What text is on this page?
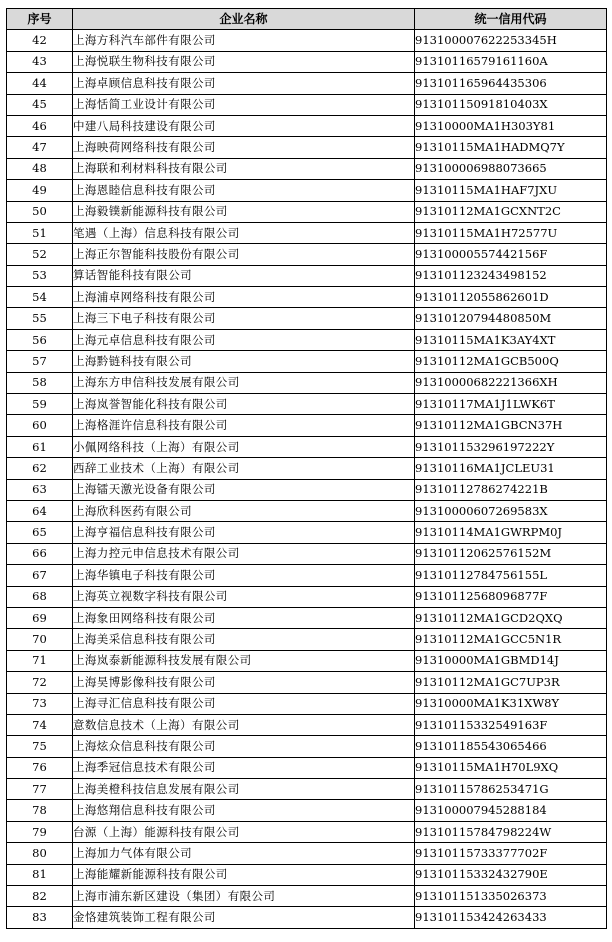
序号	企业名称	统一信用代码
42	上海方科汽车部件有限公司	913100007622253345H
43	上海悦联生物科技有限公司	91310116579161160A
44	上海卓顾信息科技有限公司	913101165964435306
45	上海恬简工业设计有限公司	91310115091810403X
46	中建八局科技建设有限公司	91310000MA1H303Y81
47	上海映荷网络科技有限公司	91310115MA1HADMQ7Y
48	上海联和利材料科技有限公司	913100006988073665
49	上海恩睦信息科技有限公司	91310115MA1HAF7JXU
50	上海毅镤新能源科技有限公司	91310112MA1GCXNT2C
51	笔遇（上海）信息科技有限公司	91310115MA1H72577U
52	上海正尔智能科技股份有限公司	91310000557442156F
53	算话智能科技有限公司	913101123243498152
54	上海浦卓网络科技有限公司	91310112055862601D
55	上海三下电子科技有限公司	91310120794480850M
56	上海元卓信息科技有限公司	91310115MA1K3AY4XT
57	上海黔链科技有限公司	91310112MA1GCB500Q
58	上海东方申信科技发展有限公司	91310000682221366XH
59	上海岚誉智能化科技有限公司	91310117MA1J1LWK6T
60	上海格涯许信息科技有限公司	91310112MA1GBCN37H
61	小佩网络科技（上海）有限公司	913101153296197222Y
62	西辞工业技术（上海）有限公司	91310116MA1JCLEU31
63	上海镭天激光设备有限公司	91310112786274221B
64	上海欣科医药有限公司	91310000607269583X
65	上海亨福信息科技有限公司	91310114MA1GWRPM0J
66	上海力控元申信息技术有限公司	91310112062576152M
67	上海华镇电子科技有限公司	91310112784756155L
68	上海英立视数字科技有限公司	91310112568096877F
69	上海象田网络科技有限公司	91310112MA1GCD2QXQ
70	上海美采信息科技有限公司	91310112MA1GCC5N1R
71	上海岚泰新能源科技发展有限公司	91310000MA1GBMD14J
72	上海昊博影像科技有限公司	91310112MA1GC7UP3R
73	上海寻汇信息科技有限公司	91310000MA1K31XW8Y
74	意数信息技术（上海）有限公司	91310115332549163F
75	上海炫众信息科技有限公司	913101185543065466
76	上海季冠信息技术有限公司	91310115MA1H70L9XQ
77	上海美橙科技信息发展有限公司	91310115786253471G
78	上海悠翔信息科技有限公司	913100007945288184
79	台源（上海）能源科技有限公司	91310115784798224W
80	上海加力气体有限公司	91310115733377702F
81	上海能耀新能源科技有限公司	91310115332432790E
82	上海市浦东新区建设（集团）有限公司	913101151335026373
83	金恪建筑装饰工程有限公司	913101153424263433
